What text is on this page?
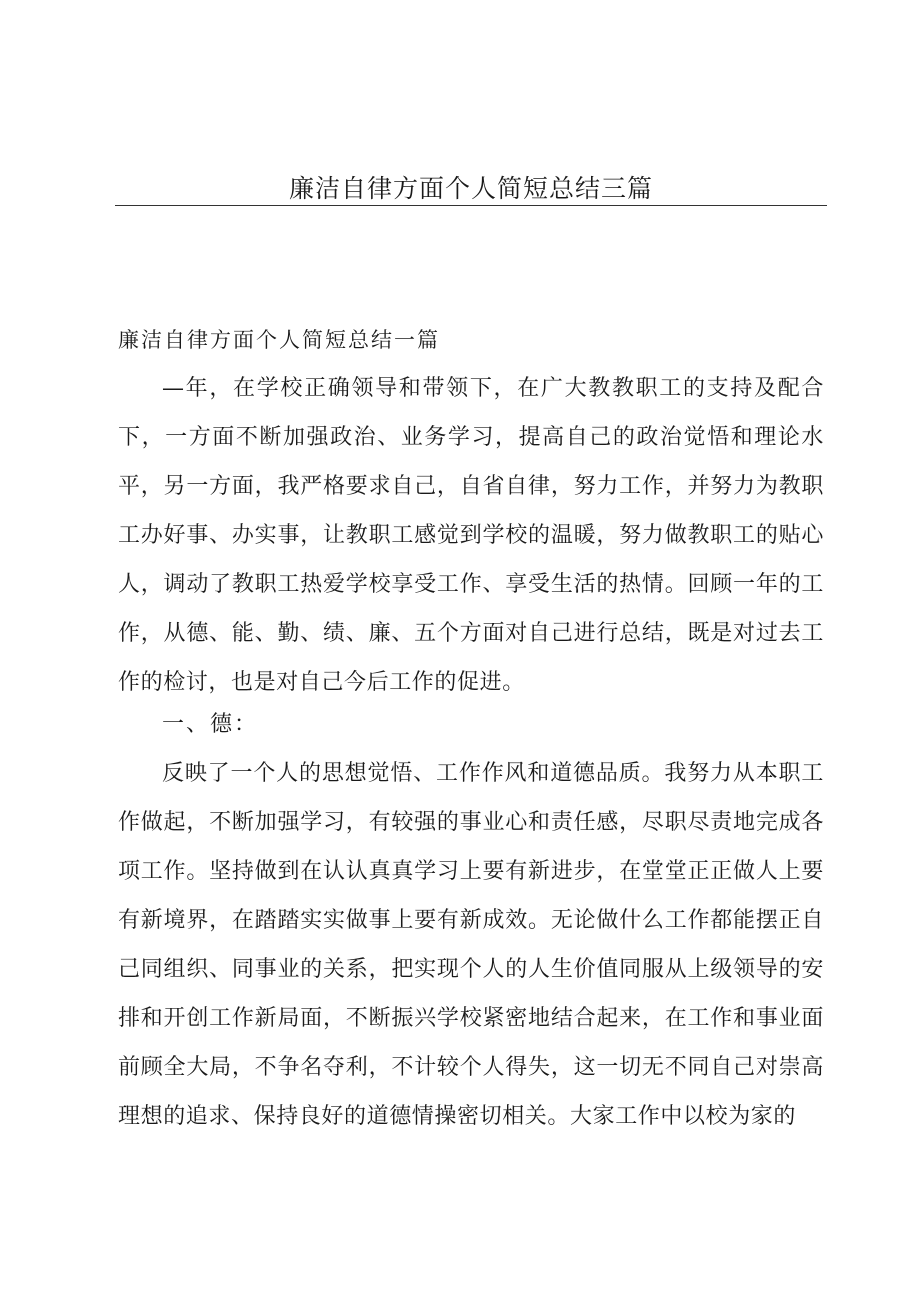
廉洁自律方面个人简短总结三篇
廉洁自律方面个人简短总结一篇

—年，在学校正确领导和带领下，在广大教教职工的支持及配合下，一方面不断加强政治、业务学习，提高自己的政治觉悟和理论水平，另一方面，我严格要求自己，自省自律，努力工作，并努力为教职工办好事、办实事，让教职工感觉到学校的温暖，努力做教职工的贴心人，调动了教职工热爱学校享受工作、享受生活的热情。回顾一年的工作，从德、能、勤、绩、廉、五个方面对自己进行总结，既是对过去工作的检讨，也是对自己今后工作的促进。

一、德：

反映了一个人的思想觉悟、工作作风和道德品质。我努力从本职工作做起，不断加强学习，有较强的事业心和责任感，尽职尽责地完成各项工作。坚持做到在认认真真学习上要有新进步，在堂堂正正做人上要有新境界，在踏踏实实做事上要有新成效。无论做什么工作都能摆正自己同组织、同事业的关系，把实现个人的人生价值同服从上级领导的安排和开创工作新局面，不断振兴学校紧密地结合起来，在工作和事业面前顾全大局，不争名夺利，不计较个人得失，这一切无不同自己对崇高理想的追求、保持良好的道德情操密切相关。大家工作中以校为家的
